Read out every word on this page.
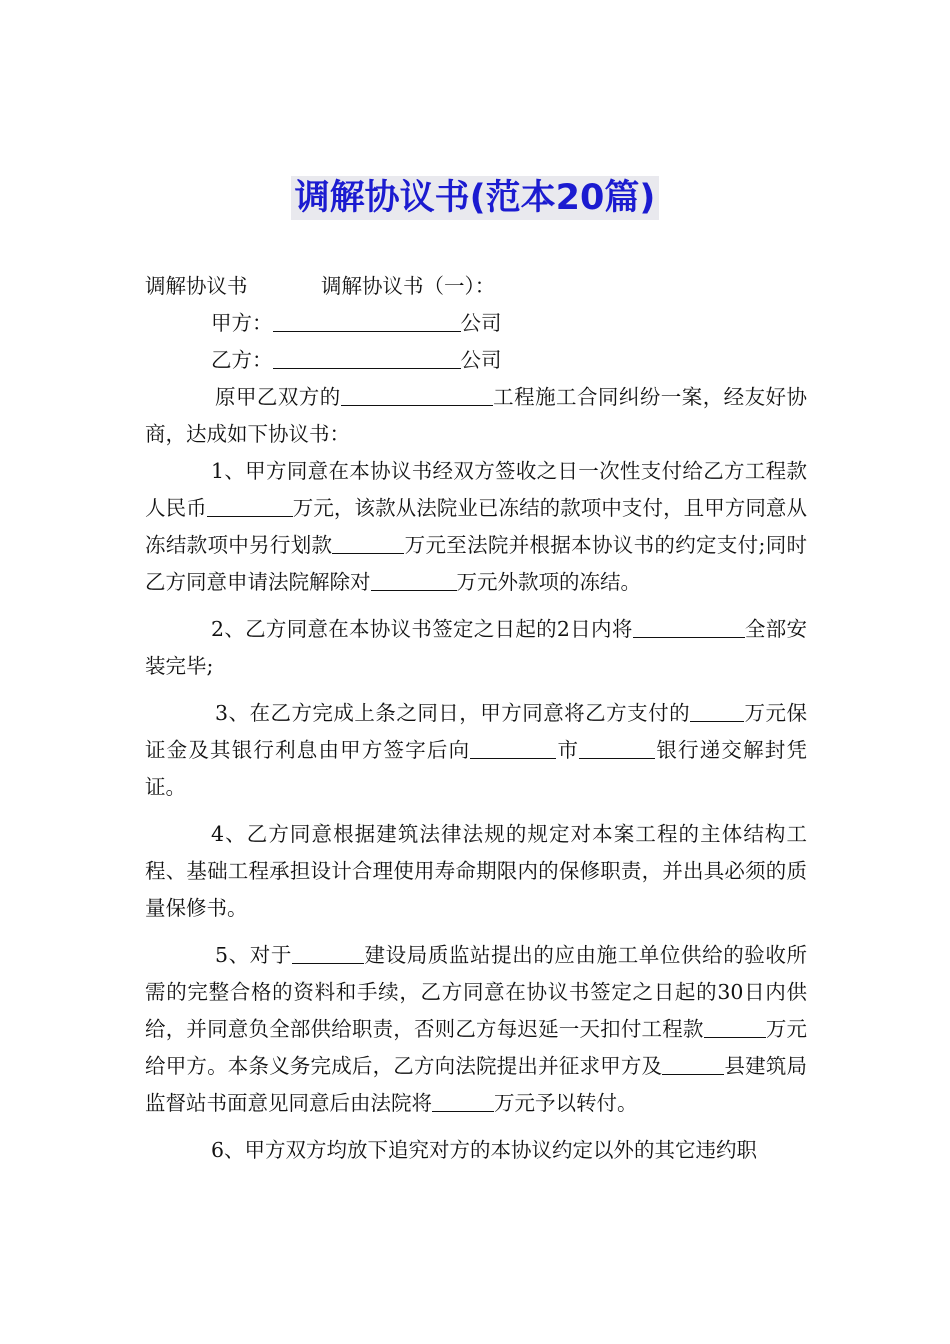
调解协议书(范本20篇)
调解协议书	调解协议书（一）：
甲方：	公司
乙方：	公司
原甲乙双方的	工程施工合同纠纷一案，经友好协商，达成如下协议书：
1、甲方同意在本协议书经双方签收之日一次性支付给乙方工程款人民币	万元，该款从法院业已冻结的款项中支付，且甲方同意从冻结款项中另行划款	万元至法院并根据本协议书的约定支付;同时乙方同意申请法院解除对	万元外款项的冻结。
2、乙方同意在本协议书签定之日起的2日内将	全部安装完毕;
3、在乙方完成上条之同日，甲方同意将乙方支付的	万元保证金及其银行利息由甲方签字后向	市	银行递交解封凭证。
4、乙方同意根据建筑法律法规的规定对本案工程的主体结构工程、基础工程承担设计合理使用寿命期限内的保修职责，并出具必须的质量保修书。
5、对于	建设局质监站提出的应由施工单位供给的验收所需的完整合格的资料和手续，乙方同意在协议书签定之日起的30日内供给，并同意负全部供给职责，否则乙方每迟延一天扣付工程款	万元给甲方。本条义务完成后，乙方向法院提出并征求甲方及	县建筑局监督站书面意见同意后由法院将	万元予以转付。
6、甲方双方均放下追究对方的本协议约定以外的其它违约职
